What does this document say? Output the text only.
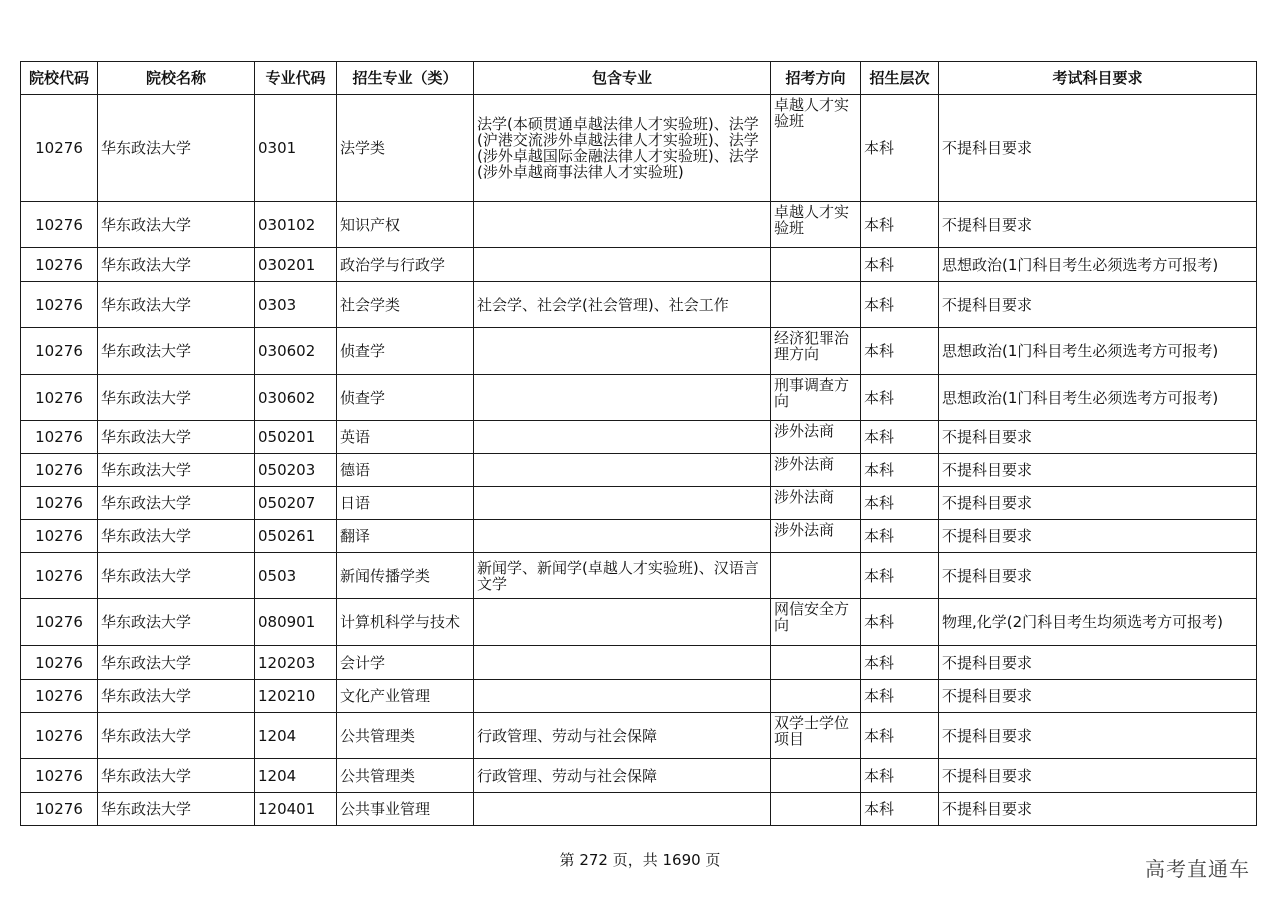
院校代码	院校名称	专业代码	招生专业（类）	包含专业	招考方向	招生层次	考试科目要求
10276	华东政法大学	0301	法学类	法学(本硕贯通卓越法律人才实验班)、法学(沪港交流涉外卓越法律人才实验班)、法学(涉外卓越国际金融法律人才实验班)、法学(涉外卓越商事法律人才实验班)	卓越人才实验班	本科	不提科目要求
10276	华东政法大学	030102	知识产权		卓越人才实验班	本科	不提科目要求
10276	华东政法大学	030201	政治学与行政学			本科	思想政治(1门科目考生必须选考方可报考)
10276	华东政法大学	0303	社会学类	社会学、社会学(社会管理)、社会工作		本科	不提科目要求
10276	华东政法大学	030602	侦查学		经济犯罪治理方向	本科	思想政治(1门科目考生必须选考方可报考)
10276	华东政法大学	030602	侦查学		刑事调查方向	本科	思想政治(1门科目考生必须选考方可报考)
10276	华东政法大学	050201	英语		涉外法商	本科	不提科目要求
10276	华东政法大学	050203	德语		涉外法商	本科	不提科目要求
10276	华东政法大学	050207	日语		涉外法商	本科	不提科目要求
10276	华东政法大学	050261	翻译		涉外法商	本科	不提科目要求
10276	华东政法大学	0503	新闻传播学类	新闻学、新闻学(卓越人才实验班)、汉语言文学		本科	不提科目要求
10276	华东政法大学	080901	计算机科学与技术		网信安全方向	本科	物理,化学(2门科目考生均须选考方可报考)
10276	华东政法大学	120203	会计学			本科	不提科目要求
10276	华东政法大学	120210	文化产业管理			本科	不提科目要求
10276	华东政法大学	1204	公共管理类	行政管理、劳动与社会保障	双学士学位项目	本科	不提科目要求
10276	华东政法大学	1204	公共管理类	行政管理、劳动与社会保障		本科	不提科目要求
10276	华东政法大学	120401	公共事业管理			本科	不提科目要求
第 272 页，共 1690 页	高考直通车
